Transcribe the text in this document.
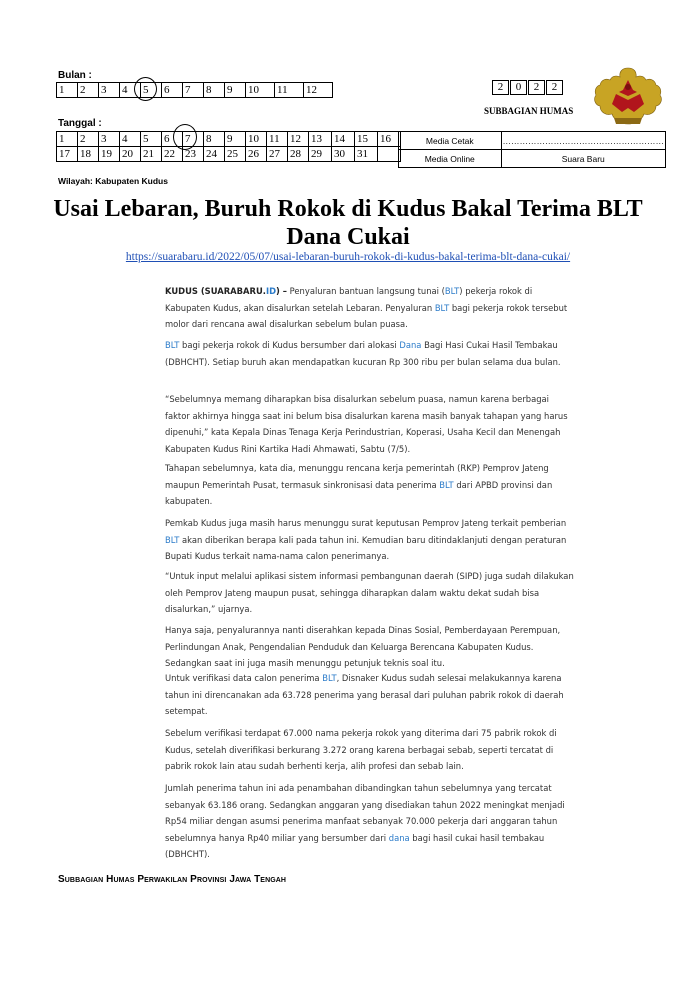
Bulan :
1	2	3	4	5	6	7	8	9	10	11	12	2	0	2	2
SUBBAGIAN HUMAS
Tanggal :
1	2	3	4	5	6	7	8	9	10	11	12	13	14	15	16
17	18	19	20	21	22	23	24	25	26	27	28	29	30	31	
Media Cetak	…………………………………………………
Media Online	Suara Baru
Wilayah: Kabupaten Kudus
Usai Lebaran, Buruh Rokok di Kudus Bakal Terima BLT Dana Cukai
https://suarabaru.id/2022/05/07/usai-lebaran-buruh-rokok-di-kudus-bakal-terima-blt-dana-cukai/
KUDUS (SUARABARU.ID) – Penyaluran bantuan langsung tunai (BLT) pekerja rokok di Kabupaten Kudus, akan disalurkan setelah Lebaran. Penyaluran BLT bagi pekerja rokok tersebut molor dari rencana awal disalurkan sebelum bulan puasa.
BLT bagi pekerja rokok di Kudus bersumber dari alokasi Dana Bagi Hasi Cukai Hasil Tembakau (DBHCHT). Setiap buruh akan mendapatkan kucuran Rp 300 ribu per bulan selama dua bulan.
“Sebelumnya memang diharapkan bisa disalurkan sebelum puasa, namun karena berbagai faktor akhirnya hingga saat ini belum bisa disalurkan karena masih banyak tahapan yang harus dipenuhi,” kata Kepala Dinas Tenaga Kerja Perindustrian, Koperasi, Usaha Kecil dan Menengah Kabupaten Kudus Rini Kartika Hadi Ahmawati, Sabtu (7/5).
Tahapan sebelumnya, kata dia, menunggu rencana kerja pemerintah (RKP) Pemprov Jateng maupun Pemerintah Pusat, termasuk sinkronisasi data penerima BLT dari APBD provinsi dan kabupaten.
Pemkab Kudus juga masih harus menunggu surat keputusan Pemprov Jateng terkait pemberian BLT akan diberikan berapa kali pada tahun ini. Kemudian baru ditindaklanjuti dengan peraturan Bupati Kudus terkait nama-nama calon penerimanya.
“Untuk input melalui aplikasi sistem informasi pembangunan daerah (SIPD) juga sudah dilakukan oleh Pemprov Jateng maupun pusat, sehingga diharapkan dalam waktu dekat sudah bisa disalurkan,” ujarnya.
Hanya saja, penyalurannya nanti diserahkan kepada Dinas Sosial, Pemberdayaan Perempuan, Perlindungan Anak, Pengendalian Penduduk dan Keluarga Berencana Kabupaten Kudus. Sedangkan saat ini juga masih menunggu petunjuk teknis soal itu.
Untuk verifikasi data calon penerima BLT, Disnaker Kudus sudah selesai melakukannya karena tahun ini direncanakan ada 63.728 penerima yang berasal dari puluhan pabrik rokok di daerah setempat.
Sebelum verifikasi terdapat 67.000 nama pekerja rokok yang diterima dari 75 pabrik rokok di Kudus, setelah diverifikasi berkurang 3.272 orang karena berbagai sebab, seperti tercatat di pabrik rokok lain atau sudah berhenti kerja, alih profesi dan sebab lain.
Jumlah penerima tahun ini ada penambahan dibandingkan tahun sebelumnya yang tercatat sebanyak 63.186 orang. Sedangkan anggaran yang disediakan tahun 2022 meningkat menjadi Rp54 miliar dengan asumsi penerima manfaat sebanyak 70.000 pekerja dari anggaran tahun sebelumnya hanya Rp40 miliar yang bersumber dari dana bagi hasil cukai hasil tembakau (DBHCHT).
Subbagian Humas Perwakilan Provinsi Jawa Tengah
